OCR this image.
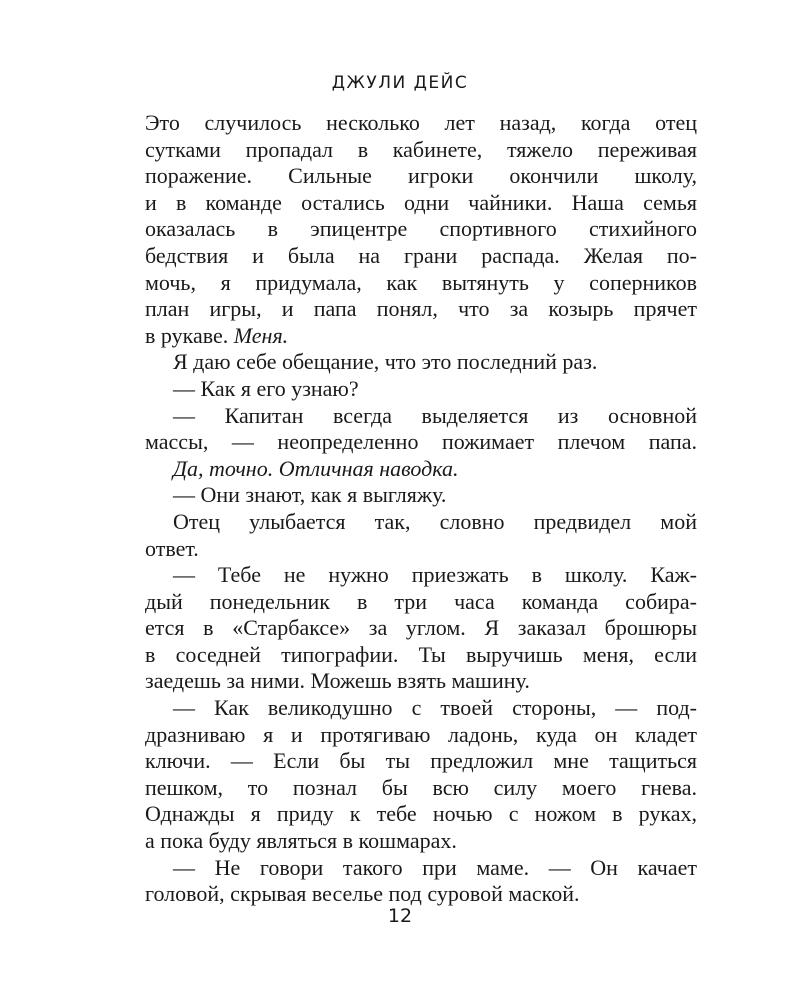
ДЖУЛИ ДЕЙС
Это случилось несколько лет назад, когда отец
сутками пропадал в кабинете, тяжело переживая
поражение. Сильные игроки окончили школу,
и в команде остались одни чайники. Наша семья
оказалась в эпицентре спортивного стихийного
бедствия и была на грани распада. Желая по-
мочь, я придумала, как вытянуть у соперников
план игры, и папа понял, что за козырь прячет
в рукаве. Меня.
Я даю себе обещание, что это последний раз.
— Как я его узнаю?
— Капитан всегда выделяется из основной
массы, — неопределенно пожимает плечом папа.
Да, точно. Отличная наводка.
— Они знают, как я выгляжу.
Отец улыбается так, словно предвидел мой
ответ.
— Тебе не нужно приезжать в школу. Каж-
дый понедельник в три часа команда собира-
ется в «Старбаксе» за углом. Я заказал брошюры
в соседней типографии. Ты выручишь меня, если
заедешь за ними. Можешь взять машину.
— Как великодушно с твоей стороны, — под-
дразниваю я и протягиваю ладонь, куда он кладет
ключи. — Если бы ты предложил мне тащиться
пешком, то познал бы всю силу моего гнева.
Однажды я приду к тебе ночью с ножом в руках,
а пока буду являться в кошмарах.
— Не говори такого при маме. — Он качает
головой, скрывая веселье под суровой маской.
12
